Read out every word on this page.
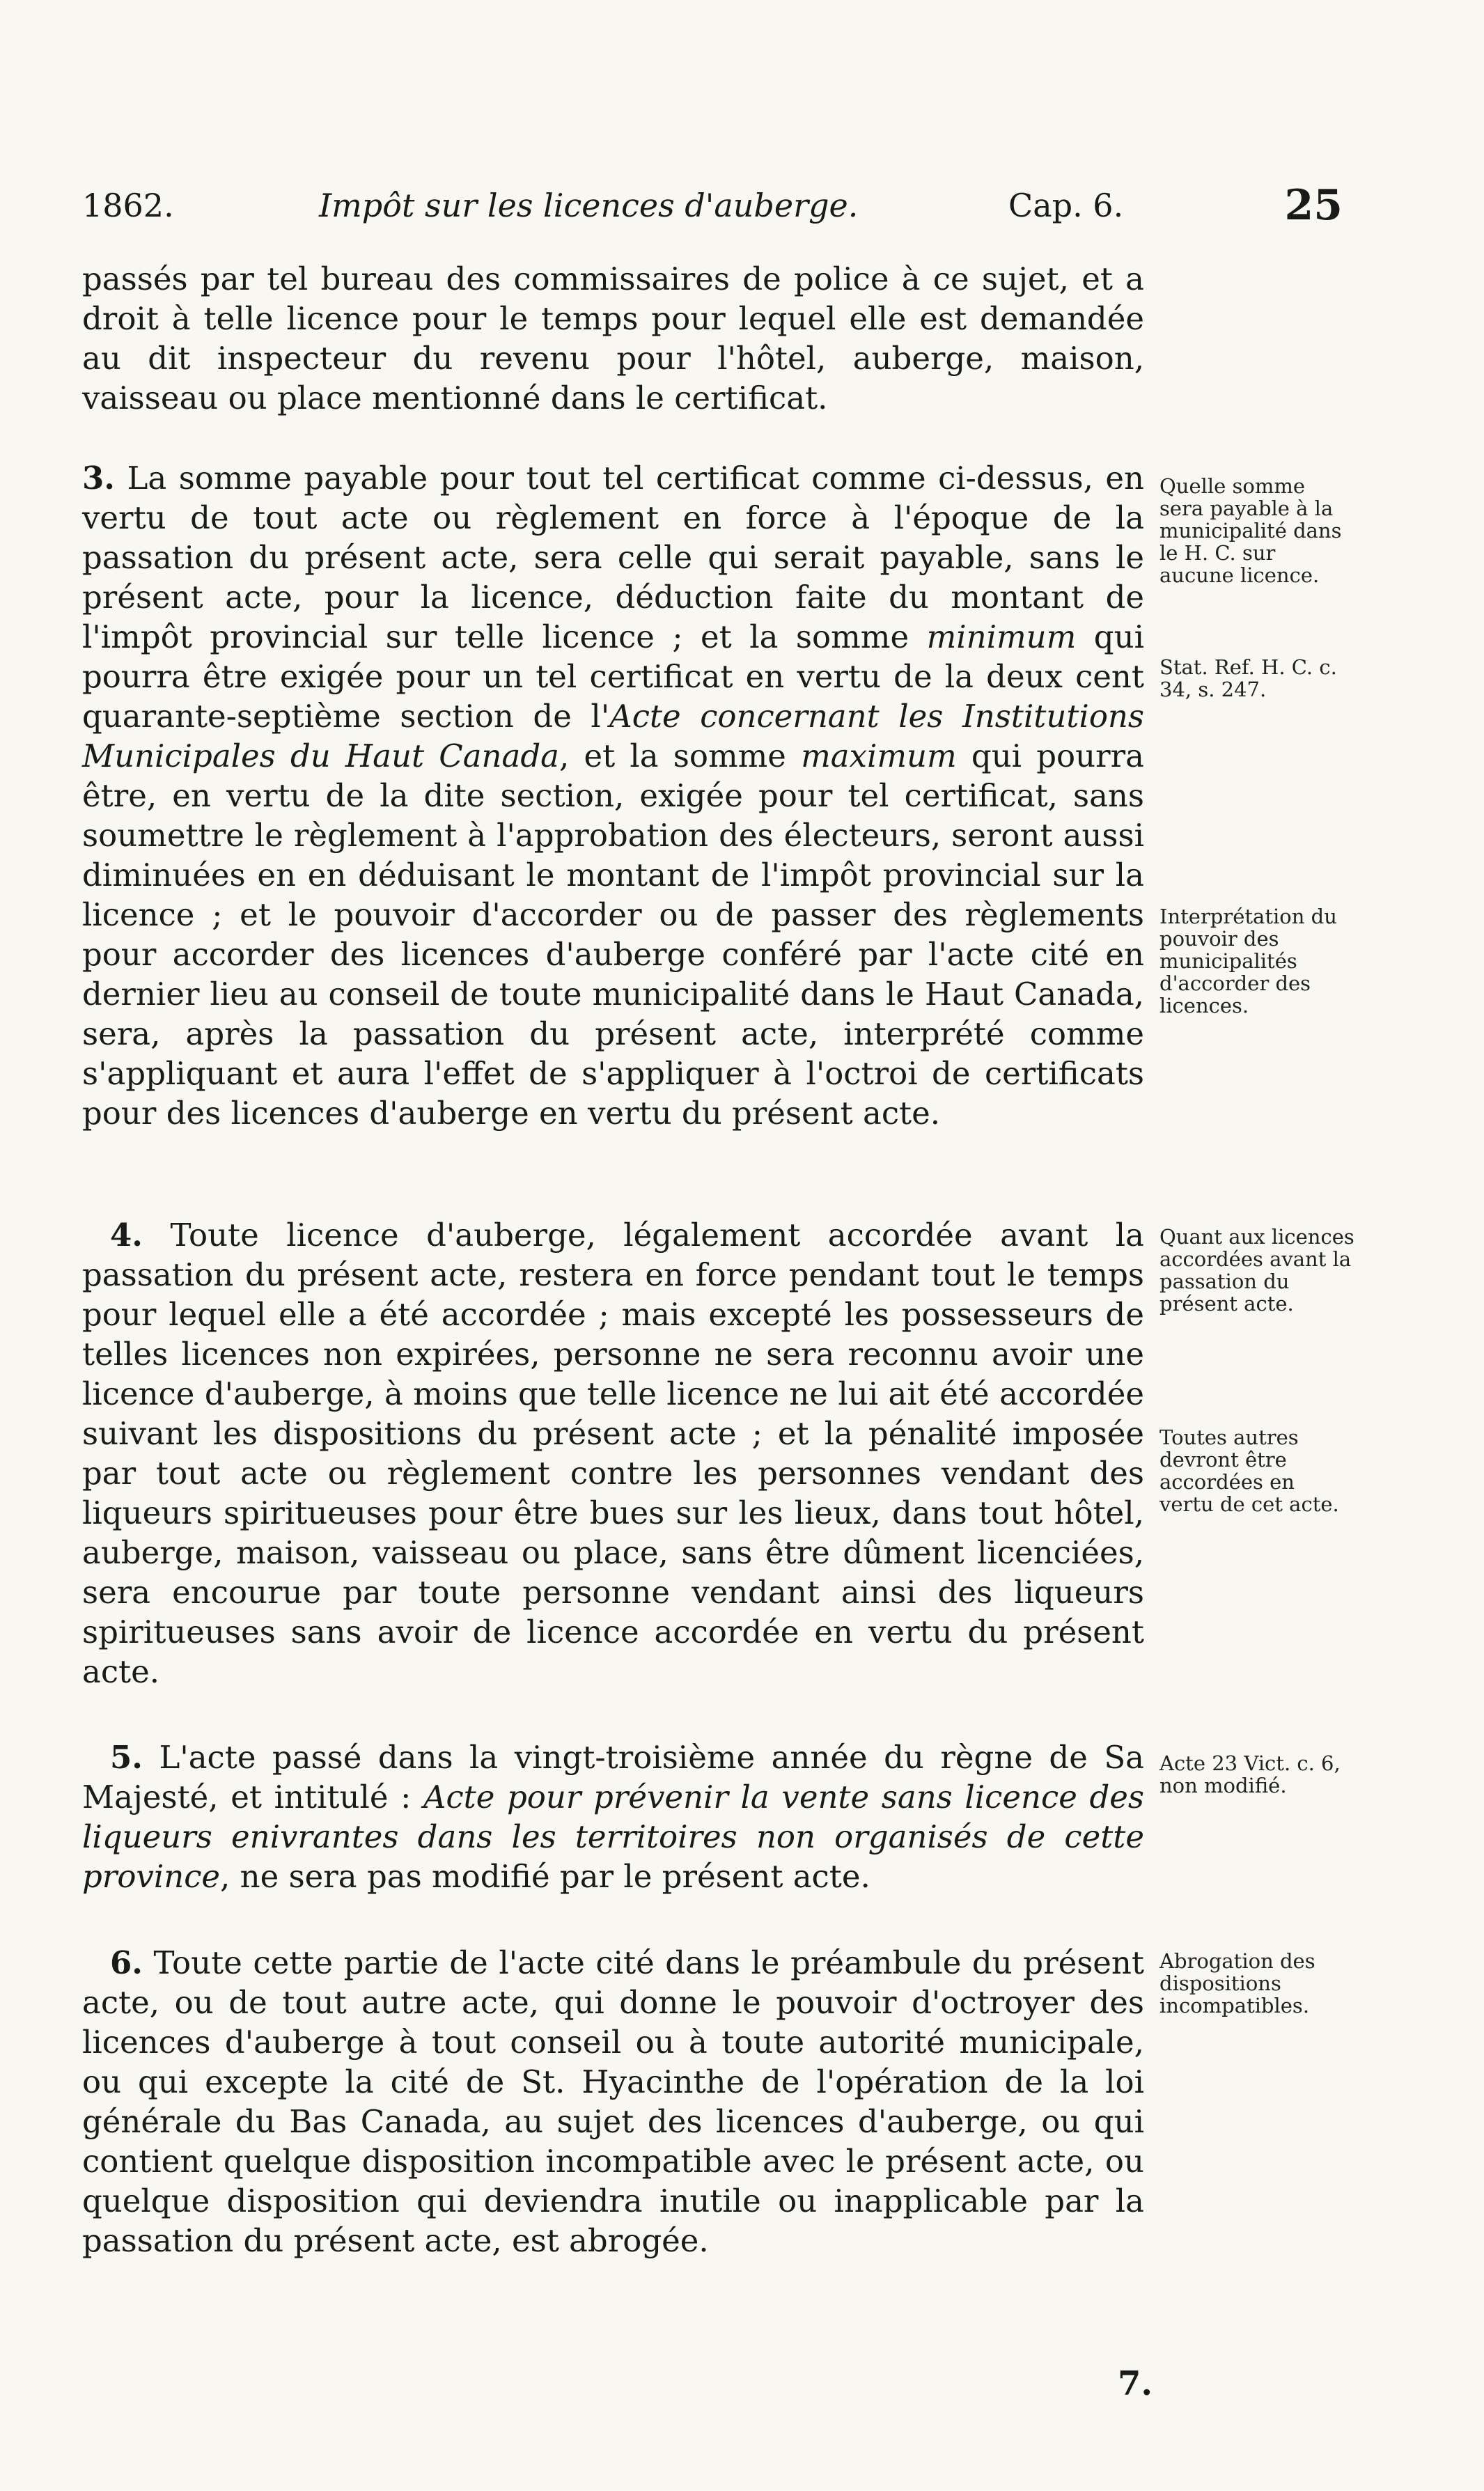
1862.	Impôt sur les licences d'auberge.	Cap. 6.	25

passés par tel bureau des commissaires de police à ce sujet, et a droit à telle licence pour le temps pour lequel elle est demandée au dit inspecteur du revenu pour l'hôtel, auberge, maison, vaisseau ou place mentionné dans le certificat.

3. La somme payable pour tout tel certificat comme ci-dessus, en vertu de tout acte ou règlement en force à l'époque de la passation du présent acte, sera celle qui serait payable, sans le présent acte, pour la licence, déduction faite du montant de l'impôt provincial sur telle licence ; et la somme minimum qui pourra être exigée pour un tel certificat en vertu de la deux cent quarante-septième section de l'Acte concernant les Institutions Municipales du Haut Canada, et la somme maximum qui pourra être, en vertu de la dite section, exigée pour tel certificat, sans soumettre le règlement à l'approbation des électeurs, seront aussi diminuées en en déduisant le montant de l'impôt provincial sur la licence ; et le pouvoir d'accorder ou de passer des règlements pour accorder des licences d'auberge conféré par l'acte cité en dernier lieu au conseil de toute municipalité dans le Haut Canada, sera, après la passation du présent acte, interprété comme s'appliquant et aura l'effet de s'appliquer à l'octroi de certificats pour des licences d'auberge en vertu du présent acte.

4. Toute licence d'auberge, légalement accordée avant la passation du présent acte, restera en force pendant tout le temps pour lequel elle a été accordée ; mais excepté les possesseurs de telles licences non expirées, personne ne sera reconnu avoir une licence d'auberge, à moins que telle licence ne lui ait été accordée suivant les dispositions du présent acte ; et la pénalité imposée par tout acte ou règlement contre les personnes vendant des liqueurs spiritueuses pour être bues sur les lieux, dans tout hôtel, auberge, maison, vaisseau ou place, sans être dûment licenciées, sera encourue par toute personne vendant ainsi des liqueurs spiritueuses sans avoir de licence accordée en vertu du présent acte.

5. L'acte passé dans la vingt-troisième année du règne de Sa Majesté, et intitulé : Acte pour prévenir la vente sans licence des liqueurs enivrantes dans les territoires non organisés de cette province, ne sera pas modifié par le présent acte.

6. Toute cette partie de l'acte cité dans le préambule du présent acte, ou de tout autre acte, qui donne le pouvoir d'octroyer des licences d'auberge à tout conseil ou à toute autorité municipale, ou qui excepte la cité de St. Hyacinthe de l'opération de la loi générale du Bas Canada, au sujet des licences d'auberge, ou qui contient quelque disposition incompatible avec le présent acte, ou quelque disposition qui deviendra inutile ou inapplicable par la passation du présent acte, est abrogée.

Quelle somme sera payable à la municipalité dans le H. C. sur aucune licence.
Stat. Ref. H. C. c. 34, s. 247.
Interprétation du pouvoir des municipalités d'accorder des licences.
Quant aux licences accordées avant la passation du présent acte.
Toutes autres devront être accordées en vertu de cet acte.
Acte 23 Vict. c. 6, non modifié.
Abrogation des dispositions incompatibles.
7.
